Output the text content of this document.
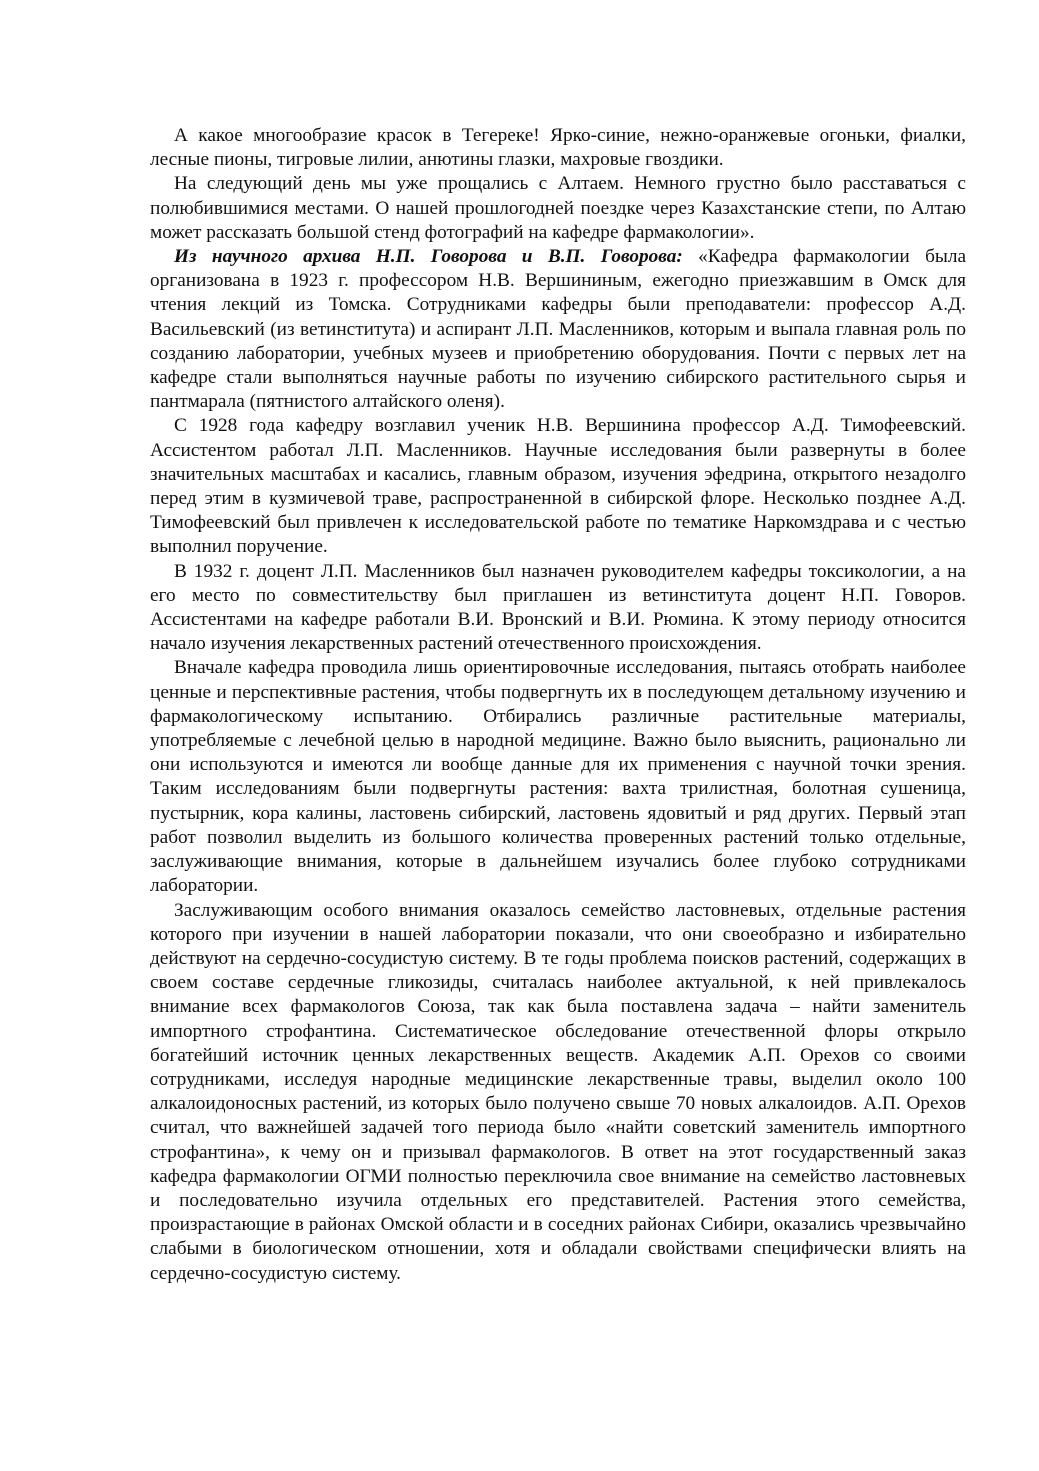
А какое многообразие красок в Тегереке! Ярко-синие, нежно-оранжевые огоньки, фиалки, лесные пионы, тигровые лилии, анютины глазки, махровые гвоздики.

На следующий день мы уже прощались с Алтаем. Немного грустно было расставаться с полюбившимися местами. О нашей прошлогодней поездке через Казахстанские степи, по Алтаю может рассказать большой стенд фотографий на кафедре фармакологии».

Из научного архива Н.П. Говорова и В.П. Говорова: «Кафедра фармакологии была организована в 1923 г. профессором Н.В. Вершининым, ежегодно приезжавшим в Омск для чтения лекций из Томска. Сотрудниками кафедры были преподаватели: профессор А.Д. Васильевский (из ветинститута) и аспирант Л.П. Масленников, которым и выпала главная роль по созданию лаборатории, учебных музеев и приобретению оборудования. Почти с первых лет на кафедре стали выполняться научные работы по изучению сибирского растительного сырья и пантмарала (пятнистого алтайского оленя).

С 1928 года кафедру возглавил ученик Н.В. Вершинина профессор А.Д. Тимофеевский. Ассистентом работал Л.П. Масленников. Научные исследования были развернуты в более значительных масштабах и касались, главным образом, изучения эфедрина, открытого незадолго перед этим в кузмичевой траве, распространенной в сибирской флоре. Несколько позднее А.Д. Тимофеевский был привлечен к исследовательской работе по тематике Наркомздрава и с честью выполнил поручение.

В 1932 г. доцент Л.П. Масленников был назначен руководителем кафедры токсикологии, а на его место по совместительству был приглашен из ветинститута доцент Н.П. Говоров. Ассистентами на кафедре работали В.И. Вронский и В.И. Рюмина. К этому периоду относится начало изучения лекарственных растений отечественного происхождения.

Вначале кафедра проводила лишь ориентировочные исследования, пытаясь отобрать наиболее ценные и перспективные растения, чтобы подвергнуть их в последующем детальному изучению и фармакологическому испытанию. Отбирались различные растительные материалы, употребляемые с лечебной целью в народной медицине. Важно было выяснить, рационально ли они используются и имеются ли вообще данные для их применения с научной точки зрения. Таким исследованиям были подвергнуты растения: вахта трилистная, болотная сушеница, пустырник, кора калины, ластовень сибирский, ластовень ядовитый и ряд других. Первый этап работ позволил выделить из большого количества проверенных растений только отдельные, заслуживающие внимания, которые в дальнейшем изучались более глубоко сотрудниками лаборатории.

Заслуживающим особого внимания оказалось семейство ластовневых, отдельные растения которого при изучении в нашей лаборатории показали, что они своеобразно и избирательно действуют на сердечно-сосудистую систему. В те годы проблема поисков растений, содержащих в своем составе сердечные гликозиды, считалась наиболее актуальной, к ней привлекалось внимание всех фармакологов Союза, так как была поставлена задача – найти заменитель импортного строфантина. Систематическое обследование отечественной флоры открыло богатейший источник ценных лекарственных веществ. Академик А.П. Орехов со своими сотрудниками, исследуя народные медицинские лекарственные травы, выделил около 100 алкалоидоносных растений, из которых было получено свыше 70 новых алкалоидов. А.П. Орехов считал, что важнейшей задачей того периода было «найти советский заменитель импортного строфантина», к чему он и призывал фармакологов. В ответ на этот государственный заказ кафедра фармакологии ОГМИ полностью переключила свое внимание на семейство ластовневых и последовательно изучила отдельных его представителей. Растения этого семейства, произрастающие в районах Омской области и в соседних районах Сибири, оказались чрезвычайно слабыми в биологическом отношении, хотя и обладали свойствами специфически влиять на сердечно-сосудистую систему.
